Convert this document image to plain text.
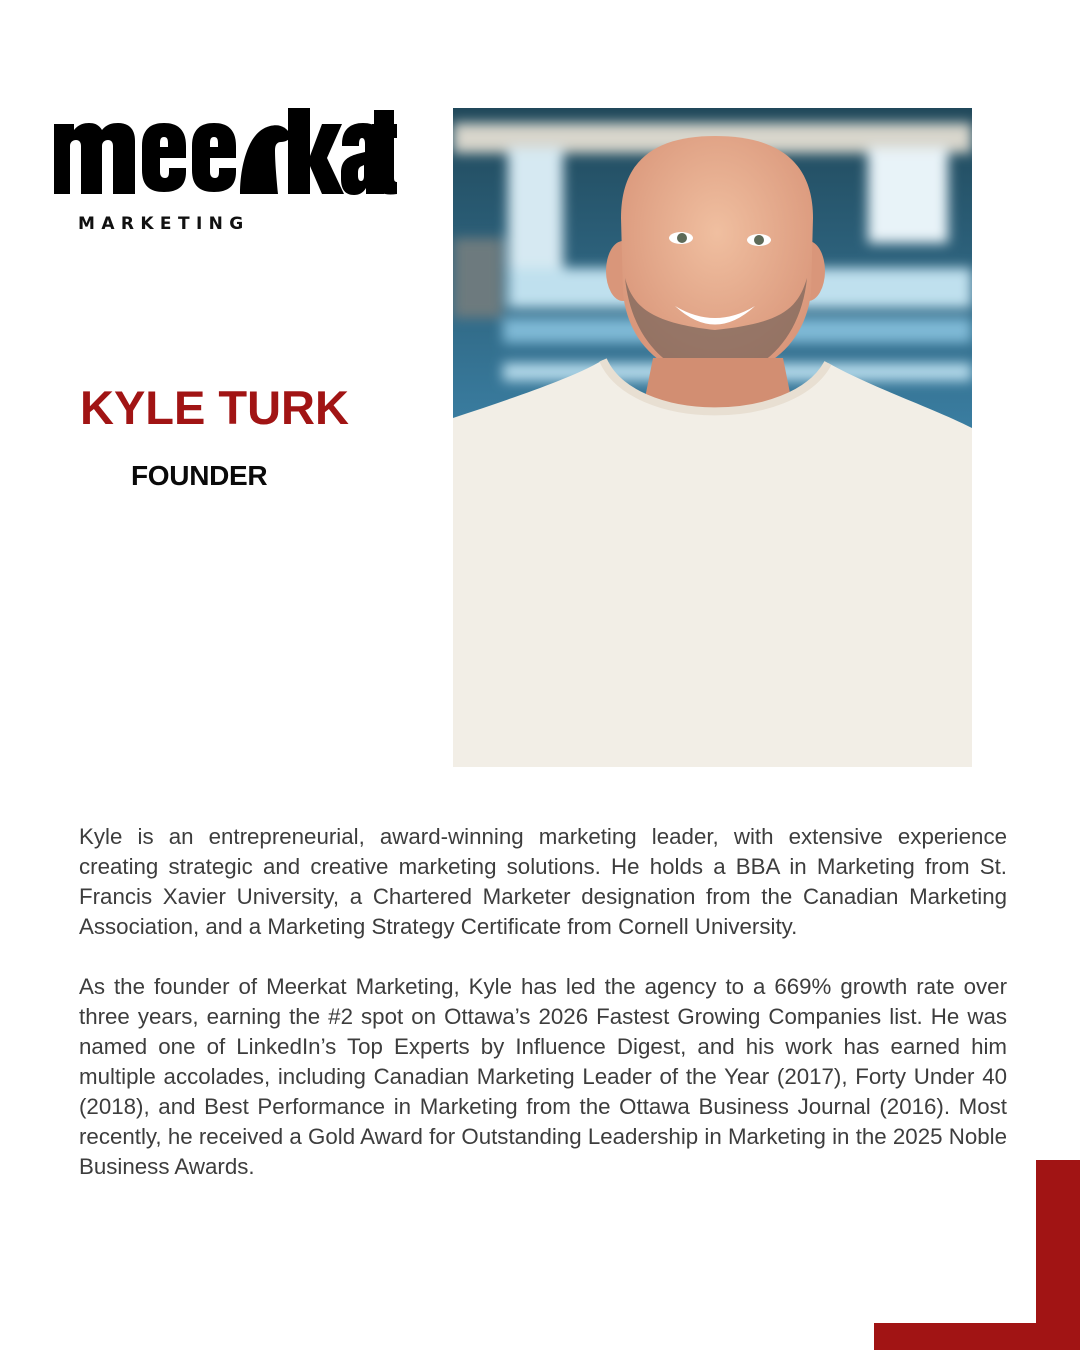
MARKETING
KYLE TURK
FOUNDER

Kyle is an entrepreneurial, award-winning marketing leader, with extensive experience creating strategic and creative marketing solutions. He holds a BBA in Marketing from St. Francis Xavier University, a Chartered Marketer designation from the Canadian Marketing Association, and a Marketing Strategy Certificate from Cornell University.

As the founder of Meerkat Marketing, Kyle has led the agency to a 669% growth rate over three years, earning the #2 spot on Ottawa’s 2026 Fastest Growing Companies list. He was named one of LinkedIn’s Top Experts by Influence Digest, and his work has earned him multiple accolades, including Canadian Marketing Leader of the Year (2017), Forty Under 40 (2018), and Best Performance in Marketing from the Ottawa Business Journal (2016). Most recently, he received a Gold Award for Outstanding Leadership in Marketing in the 2025 Noble Business Awards.
